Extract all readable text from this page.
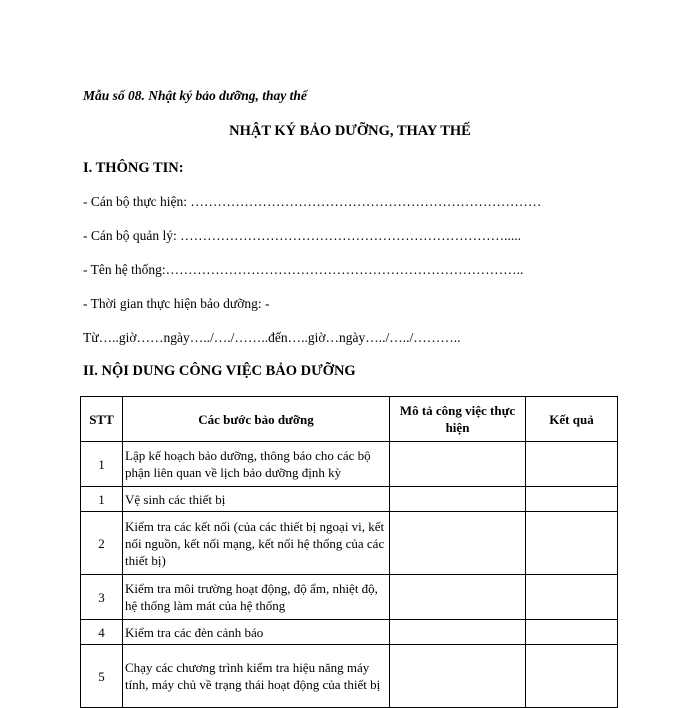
Mẫu số 08. Nhật ký bảo dưỡng, thay thế
NHẬT KÝ BẢO DƯỠNG, THAY THẾ
I. THÔNG TIN:
- Cán bộ thực hiện: ……………………………………………………………………
- Cán bộ quản lý: ……………………………………………………………….....
- Tên hệ thống:……………………………………………………………………..
- Thời gian thực hiện bảo dưỡng: -
Từ…..giờ……ngày…../…./……..đến…..giờ…ngày…../…../………..
II. NỘI DUNG CÔNG VIỆC BẢO DƯỠNG
STT	Các bước bảo dưỡng	Mô tả công việc thực hiện	Kết quả
1	Lập kế hoạch bảo dưỡng, thông báo cho các bộ phận liên quan về lịch bảo dưỡng định kỳ		
1	Vệ sinh các thiết bị		
2	Kiểm tra các kết nối (của các thiết bị ngoại vi, kết nối nguồn, kết nối mạng, kết nối hệ thống của các thiết bị)		
3	Kiểm tra môi trường hoạt động, độ ẩm, nhiệt độ, hệ thống làm mát của hệ thống		
4	Kiểm tra các đèn cảnh báo		
5	Chạy các chương trình kiểm tra hiệu năng máy tính, máy chủ về trạng thái hoạt động của thiết bị		
